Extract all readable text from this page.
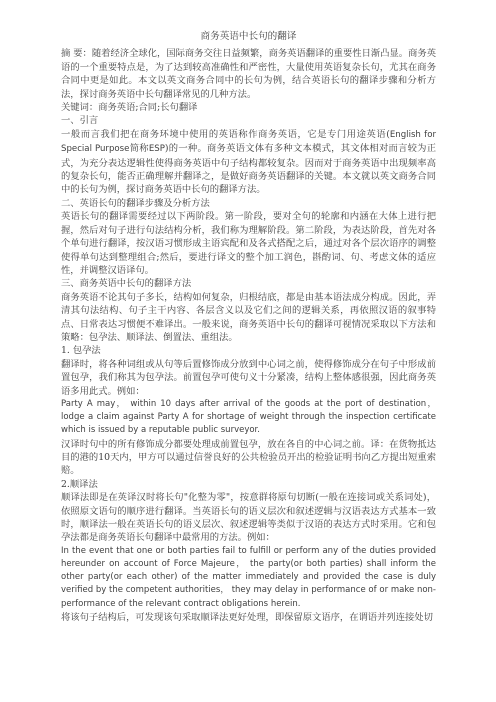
商务英语中长句的翻译

摘 要：随着经济全球化，国际商务交往日益频繁，商务英语翻译的重要性日渐凸显。商务英语的一个重要特点是，为了达到较高准确性和严密性，大量使用英语复杂长句，尤其在商务合同中更是如此。本文以英文商务合同中的长句为例，结合英语长句的翻译步骤和分析方法，探讨商务英语中长句翻译常见的几种方法。

关键词：商务英语;合同;长句翻译

一、引言

一般而言我们把在商务环境中使用的英语称作商务英语，它是专门用途英语(English for Special Purpose简称ESP)的一种。商务英语文体有多种文本模式，其文体相对而言较为正式，为充分表达逻辑性使得商务英语中句子结构都较复杂。因而对于商务英语中出现频率高的复杂长句，能否正确理解并翻译之，是做好商务英语翻译的关键。本文就以英文商务合同中的长句为例，探讨商务英语中长句的翻译方法。

二、英语长句的翻译步骤及分析方法

英语长句的翻译需要经过以下两阶段。第一阶段，要对全句的轮廓和内涵在大体上进行把握，然后对句子进行句法结构分析，我们称为理解阶段。第二阶段，为表达阶段，首先对各个单句进行翻译，按汉语习惯形成主语宾配和及各式搭配之后，通过对各个层次语序的调整使得单句达到整理组合;然后，要进行译文的整个加工润色，斟酌词、句、考虑文体的适应性，并调整汉语译句。

三、商务英语中长句的翻译方法

商务英语不论其句子多长，结构如何复杂，归根结底，都是由基本语法成分构成。因此，弄清其句法结构、句子主干内容、各层含义以及它们之间的逻辑关系，再依照汉语的叙事特点、日常表达习惯便不难译出。一般来说，商务英语中长句的翻译可视情况采取以下方法和策略：包孕法、顺译法、倒置法、重组法。

1. 包孕法

翻译时，将各种词组或从句等后置修饰成分放到中心词之前，使得修饰成分在句子中形成前置包孕，我们称其为包孕法。前置包孕可使句义十分紧凑，结构上整体感很强，因此商务英语多用此式。例如：

Party A may， within 10 days after arrival of the goods at the port of destination， lodge a claim against Party A for shortage of weight through the inspection certificate which is issued by a reputable public surveyor.

汉译时句中的所有修饰成分都要处理成前置包孕，放在各自的中心词之前。译：在货物抵达目的港的10天内，甲方可以通过信誉良好的公共检验员开出的检验证明书向乙方提出短重索赔。

2.顺译法

顺译法即是在英译汉时将长句"化整为零"，按意群将原句切断(一般在连接词或关系词处)，依照原文语句的顺序进行翻译。当英语长句的语义层次和叙述逻辑与汉语表达方式基本一致时，顺译法一般在英语长句的语义层次、叙述逻辑等类似于汉语的表达方式时采用。它和包孕法都是商务英语长句翻译中最常用的方法。例如：

In the event that one or both parties fail to fulfill or perform any of the duties provided hereunder on account of Force Majeure， the party(or both parties) shall inform the other party(or each other) of the matter immediately and provided the case is duly verified by the competent authorities， they may delay in performance of or make non-performance of the relevant contract obligations herein.

将该句子结构后，可发现该句采取顺译法更好处理，即保留原文语序，在谓语并列连接处切
